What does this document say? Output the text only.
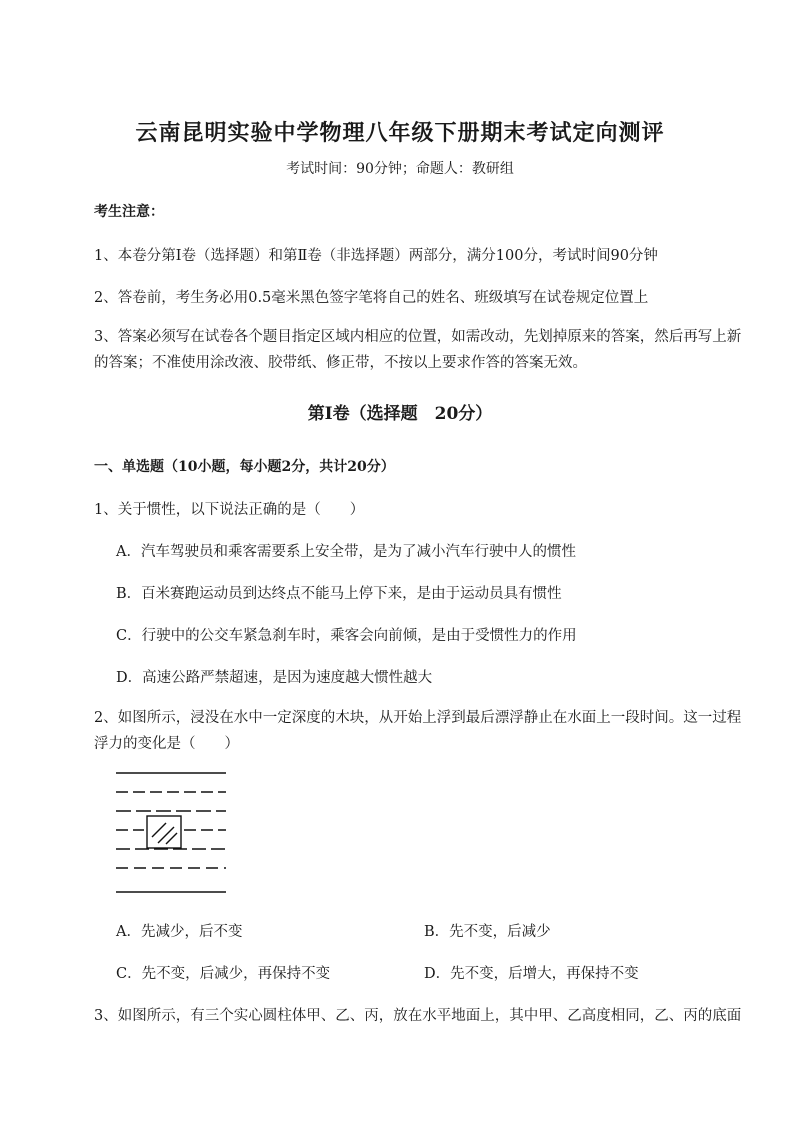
云南昆明实验中学物理八年级下册期末考试定向测评
考试时间：90分钟；命题人：教研组
考生注意：
1、本卷分第I卷（选择题）和第Ⅱ卷（非选择题）两部分，满分100分，考试时间90分钟
2、答卷前，考生务必用0.5毫米黑色签字笔将自己的姓名、班级填写在试卷规定位置上
3、答案必须写在试卷各个题目指定区域内相应的位置，如需改动，先划掉原来的答案，然后再写上新的答案；不准使用涂改液、胶带纸、修正带，不按以上要求作答的答案无效。
第I卷（选择题　20分）
一、单选题（10小题，每小题2分，共计20分）
1、关于惯性，以下说法正确的是（　　）
A．汽车驾驶员和乘客需要系上安全带，是为了减小汽车行驶中人的惯性
B．百米赛跑运动员到达终点不能马上停下来，是由于运动员具有惯性
C．行驶中的公交车紧急刹车时，乘客会向前倾，是由于受惯性力的作用
D．高速公路严禁超速，是因为速度越大惯性越大
2、如图所示，浸没在水中一定深度的木块，从开始上浮到最后漂浮静止在水面上一段时间。这一过程浮力的变化是（　　）
A．先减少，后不变	B．先不变，后减少
C．先不变，后减少，再保持不变	D．先不变，后增大，再保持不变
3、如图所示，有三个实心圆柱体甲、乙、丙，放在水平地面上，其中甲、乙高度相同，乙、丙的底面
